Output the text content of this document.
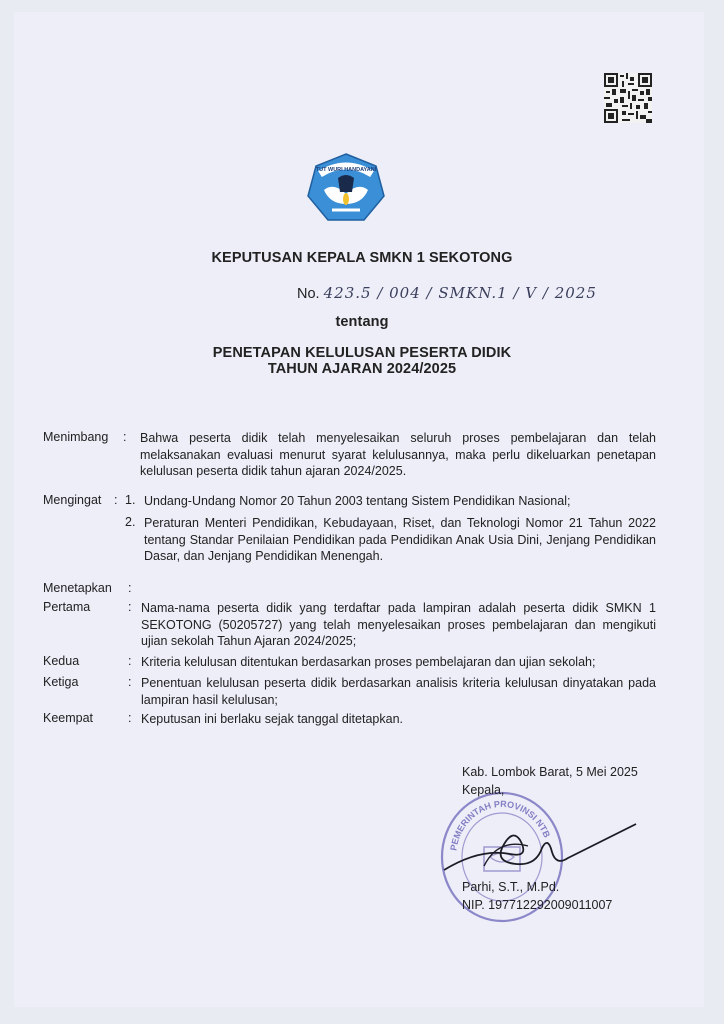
TUT WURI HANDAYANI
KEPUTUSAN KEPALA SMKN 1 SEKOTONG
No. 423.5 / 004 / SMKN.1 / V / 2025
tentang
PENETAPAN KELULUSAN PESERTA DIDIK
TAHUN AJARAN 2024/2025
Menimbang : Bahwa peserta didik telah menyelesaikan seluruh proses pembelajaran dan telah melaksanakan evaluasi menurut syarat kelulusannya, maka perlu dikeluarkan penetapan kelulusan peserta didik tahun ajaran 2024/2025.
Mengingat : 1. Undang-Undang Nomor 20 Tahun 2003 tentang Sistem Pendidikan Nasional;
2. Peraturan Menteri Pendidikan, Kebudayaan, Riset, dan Teknologi Nomor 21 Tahun 2022 tentang Standar Penilaian Pendidikan pada Pendidikan Anak Usia Dini, Jenjang Pendidikan Dasar, dan Jenjang Pendidikan Menengah.
Menetapkan :
Pertama	: Nama-nama peserta didik yang terdaftar pada lampiran adalah peserta didik SMKN 1 SEKOTONG (50205727) yang telah menyelesaikan proses pembelajaran dan mengikuti ujian sekolah Tahun Ajaran 2024/2025;
Kedua	: Kriteria kelulusan ditentukan berdasarkan proses pembelajaran dan ujian sekolah;
Ketiga	: Penentuan kelulusan peserta didik berdasarkan analisis kriteria kelulusan dinyatakan pada lampiran hasil kelulusan;
Keempat	: Keputusan ini berlaku sejak tanggal ditetapkan.
PEMERINTAH PROVINSI NTB
Kab. Lombok Barat, 5 Mei 2025
Kepala,
Parhi, S.T., M.Pd.
NIP. 197712292009011007
